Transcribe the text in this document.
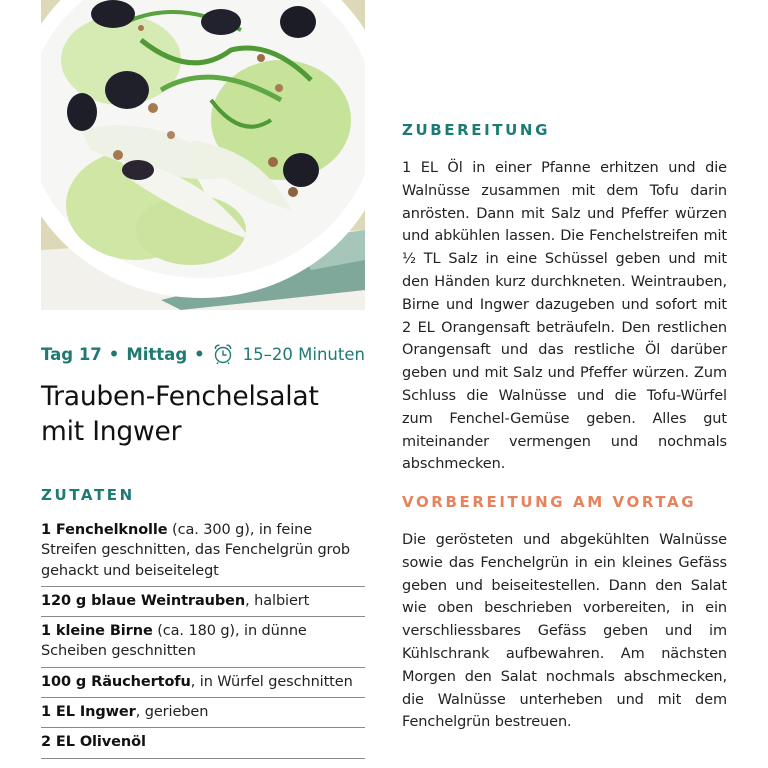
Tag 17 • Mittag • 15–20 Minuten
Trauben-Fenchelsalat
mit Ingwer
ZUTATEN
1 Fenchelknolle (ca. 300 g), in feine Streifen geschnitten, das Fenchelgrün grob gehackt und beiseitelegt
120 g blaue Weintrauben, halbiert
1 kleine Birne (ca. 180 g), in dünne Scheiben geschnitten
100 g Räuchertofu, in Würfel geschnitten
1 EL Ingwer, gerieben
2 EL Olivenöl
ZUBEREITUNG

1 EL Öl in einer Pfanne erhitzen und die Walnüsse zusammen mit dem Tofu darin anrösten. Dann mit Salz und Pfeffer würzen und abkühlen lassen. Die Fenchelstreifen mit ½ TL Salz in eine Schüssel geben und mit den Händen kurz durchkneten. Weintrauben, Birne und Ingwer dazugeben und sofort mit 2 EL Orangensaft beträufeln. Den restlichen Orangensaft und das restliche Öl darüber geben und mit Salz und Pfeffer würzen. Zum Schluss die Walnüsse und die Tofu-Würfel zum Fenchel-Gemüse geben. Alles gut miteinander vermengen und nochmals abschmecken.

VORBEREITUNG AM VORTAG

Die gerösteten und abgekühlten Walnüsse sowie das Fenchelgrün in ein kleines Gefäss geben und beiseitestellen. Dann den Salat wie oben beschrieben vorbereiten, in ein verschliessbares Gefäss geben und im Kühlschrank aufbewahren. Am nächsten Morgen den Salat nochmals abschmecken, die Walnüsse unterheben und mit dem Fenchelgrün bestreuen.
